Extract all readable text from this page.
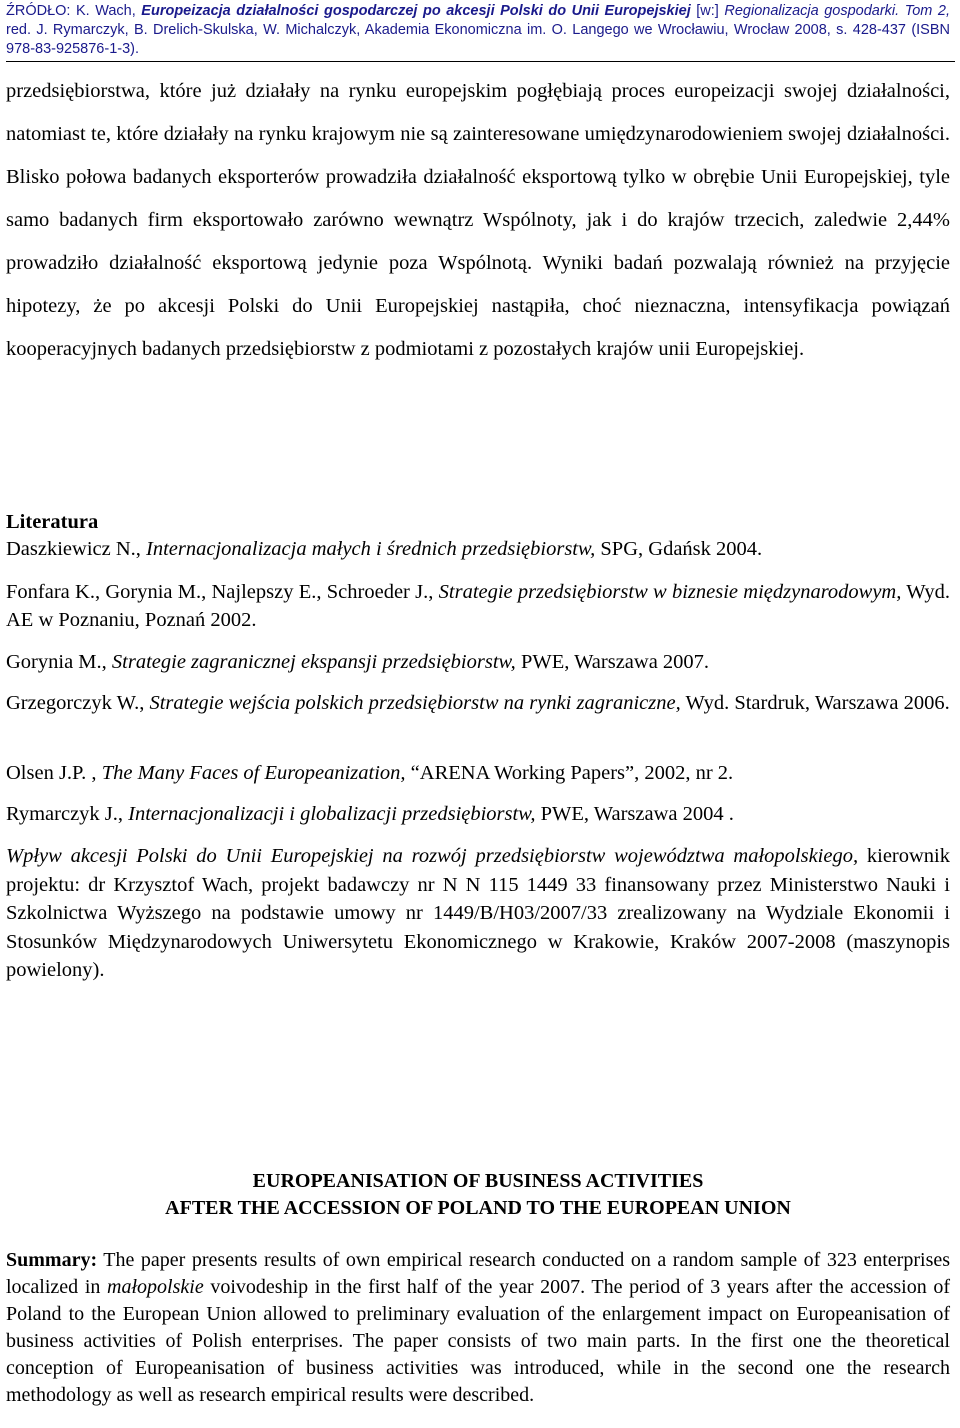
ŹRÓDŁO: K. Wach, Europeizacja działalności gospodarczej po akcesji Polski do Unii Europejskiej [w:] Regionalizacja gospodarki. Tom 2, red. J. Rymarczyk, B. Drelich-Skulska, W. Michalczyk, Akademia Ekonomiczna im. O. Langego we Wrocławiu, Wrocław 2008, s. 428-437 (ISBN 978-83-925876-1-3).
przedsiębiorstwa, które już działały na rynku europejskim pogłębiają proces europeizacji swojej działalności, natomiast te, które działały na rynku krajowym nie są zainteresowane umiędzynarodowieniem swojej działalności. Blisko połowa badanych eksporterów prowadziła działalność eksportową tylko w obrębie Unii Europejskiej, tyle samo badanych firm eksportowało zarówno wewnątrz Wspólnoty, jak i do krajów trzecich, zaledwie 2,44% prowadziło działalność eksportową jedynie poza Wspólnotą. Wyniki badań pozwalają również na przyjęcie hipotezy, że po akcesji Polski do Unii Europejskiej nastąpiła, choć nieznaczna, intensyfikacja powiązań kooperacyjnych badanych przedsiębiorstw z podmiotami z pozostałych krajów unii Europejskiej.
Literatura
Daszkiewicz N., Internacjonalizacja małych i średnich przedsiębiorstw, SPG, Gdańsk 2004.
Fonfara K., Gorynia M., Najlepszy E., Schroeder J., Strategie przedsiębiorstw w biznesie międzynarodowym, Wyd. AE w Poznaniu, Poznań 2002.
Gorynia M., Strategie zagranicznej ekspansji przedsiębiorstw, PWE, Warszawa 2007.
Grzegorczyk W., Strategie wejścia polskich przedsiębiorstw na rynki zagraniczne, Wyd. Stardruk, Warszawa 2006.
Olsen J.P. , The Many Faces of Europeanization, “ARENA Working Papers”, 2002, nr 2.
Rymarczyk J., Internacjonalizacji i globalizacji przedsiębiorstw, PWE, Warszawa 2004 .
Wpływ akcesji Polski do Unii Europejskiej na rozwój przedsiębiorstw województwa małopolskiego, kierownik projektu: dr Krzysztof Wach, projekt badawczy nr N N 115 1449 33 finansowany przez Ministerstwo Nauki i Szkolnictwa Wyższego na podstawie umowy nr 1449/B/H03/2007/33 zrealizowany na Wydziale Ekonomii i Stosunków Międzynarodowych Uniwersytetu Ekonomicznego w Krakowie, Kraków 2007-2008 (maszynopis powielony).
EUROPEANISATION OF BUSINESS ACTIVITIES
AFTER THE ACCESSION OF POLAND TO THE EUROPEAN UNION
Summary: The paper presents results of own empirical research conducted on a random sample of 323 enterprises localized in małopolskie voivodeship in the first half of the year 2007. The period of 3 years after the accession of Poland to the European Union allowed to preliminary evaluation of the enlargement impact on Europeanisation of business activities of Polish enterprises. The paper consists of two main parts. In the first one the theoretical conception of Europeanisation of business activities was introduced, while in the second one the research methodology as well as research empirical results were described.
